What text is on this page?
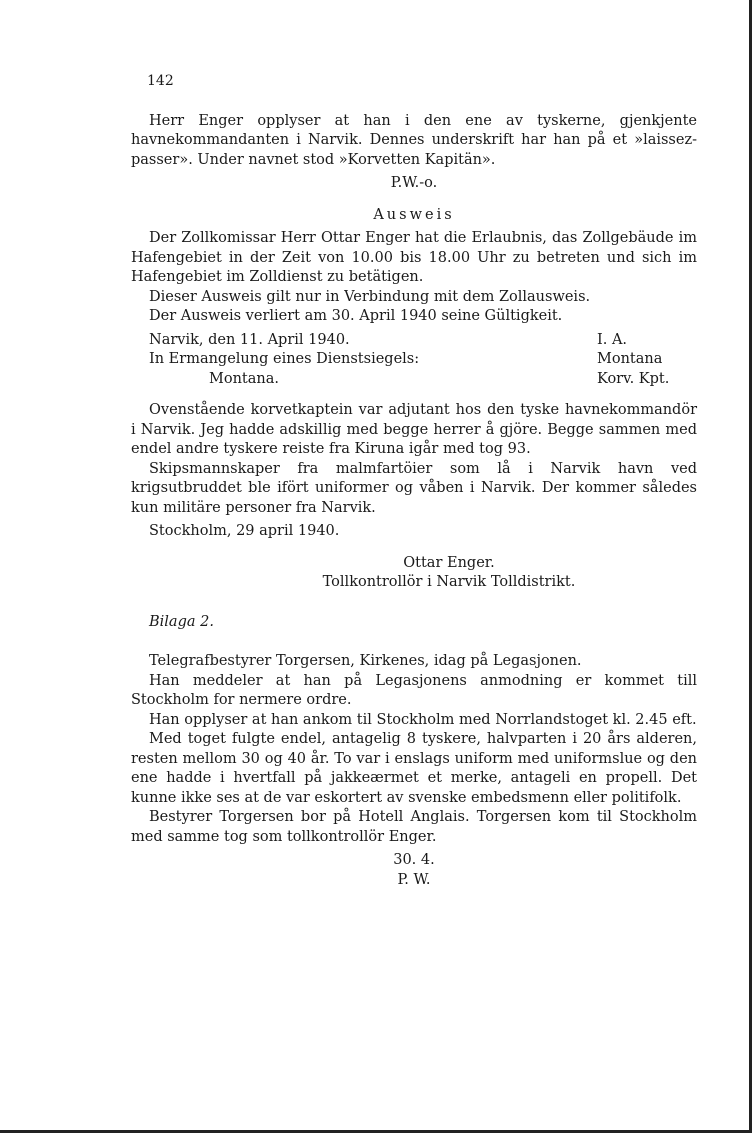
142

Herr Enger opplyser at han i den ene av tyskerne, gjenkjente havnekommandanten i Narvik. Dennes underskrift har han på et »laissez-passer». Under navnet stod »Korvetten Kapitän».

P.W.-o.

Ausweis

Der Zollkomissar Herr Ottar Enger hat die Erlaubnis, das Zollgebäude im Hafengebiet in der Zeit von 10.00 bis 18.00 Uhr zu betreten und sich im Hafengebiet im Zolldienst zu betätigen.

Dieser Ausweis gilt nur in Verbindung mit dem Zollausweis.

Der Ausweis verliert am 30. April 1940 seine Gültigkeit.

Narvik, den 11. April 1940.	I. A.
In Ermangelung eines Dienstsiegels:	Montana
Montana.	Korv. Kpt.

Ovenstående korvetkaptein var adjutant hos den tyske havnekommandör i Narvik. Jeg hadde adskillig med begge herrer å gjöre. Begge sammen med endel andre tyskere reiste fra Kiruna igår med tog 93.

Skipsmannskaper fra malmfartöier som lå i Narvik havn ved krigsutbruddet ble ifört uniformer og våben i Narvik. Der kommer således kun militäre personer fra Narvik.

Stockholm, 29 april 1940.

Ottar Enger.

Tollkontrollör i Narvik Tolldistrikt.

Bilaga 2.

Telegrafbestyrer Torgersen, Kirkenes, idag på Legasjonen.

Han meddeler at han på Legasjonens anmodning er kommet till Stockholm for nermere ordre.

Han opplyser at han ankom til Stockholm med Norrlandstoget kl. 2.45 eft.

Med toget fulgte endel, antagelig 8 tyskere, halvparten i 20 års alderen, resten mellom 30 og 40 år. To var i enslags uniform med uniformslue og den ene hadde i hvertfall på jakkeærmet et merke, antageli en propell. Det kunne ikke ses at de var eskortert av svenske embedsmenn eller politifolk.

Bestyrer Torgersen bor på Hotell Anglais. Torgersen kom til Stockholm med samme tog som tollkontrollör Enger.

30. 4.

P. W.
